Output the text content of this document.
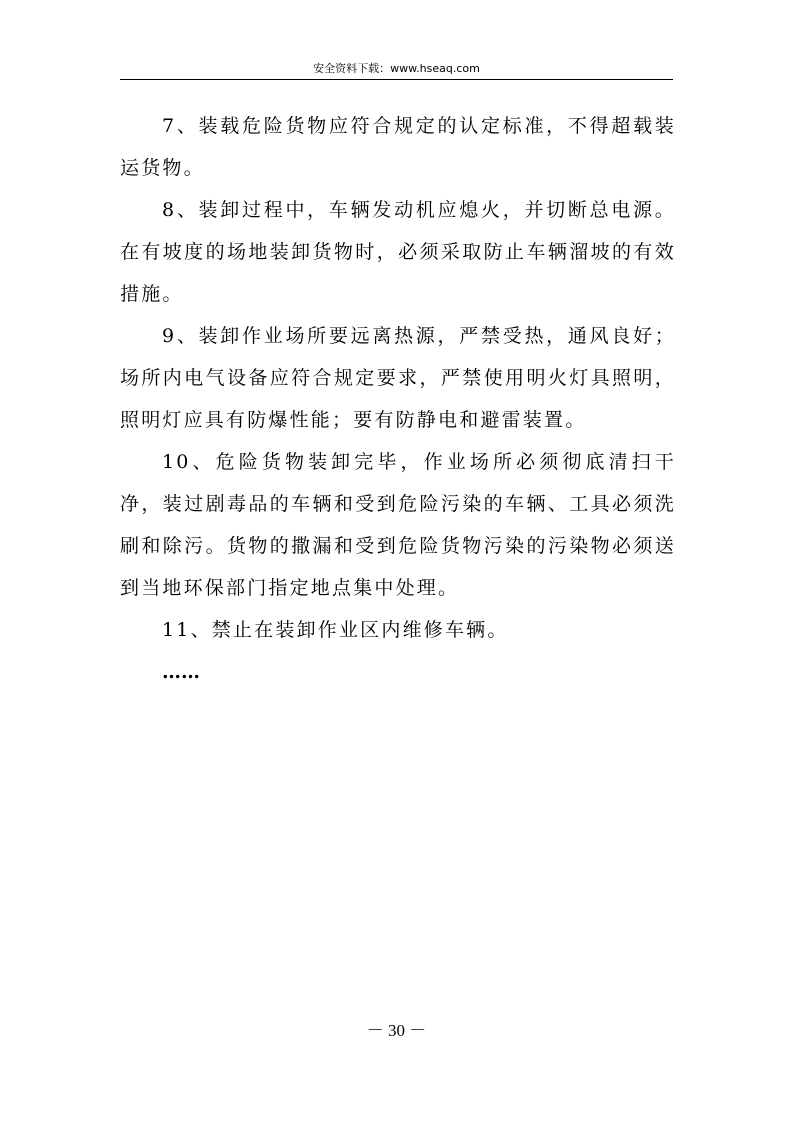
安全资料下载：www.hseaq.com

7、装载危险货物应符合规定的认定标准，不得超载装运货物。

8、装卸过程中，车辆发动机应熄火，并切断总电源。在有坡度的场地装卸货物时，必须采取防止车辆溜坡的有效措施。

9、装卸作业场所要远离热源，严禁受热，通风良好；场所内电气设备应符合规定要求，严禁使用明火灯具照明，照明灯应具有防爆性能；要有防静电和避雷装置。

10、危险货物装卸完毕，作业场所必须彻底清扫干净，装过剧毒品的车辆和受到危险污染的车辆、工具必须洗刷和除污。货物的撒漏和受到危险货物污染的污染物必须送到当地环保部门指定地点集中处理。

11、禁止在装卸作业区内维修车辆。

……

－ 30 －
